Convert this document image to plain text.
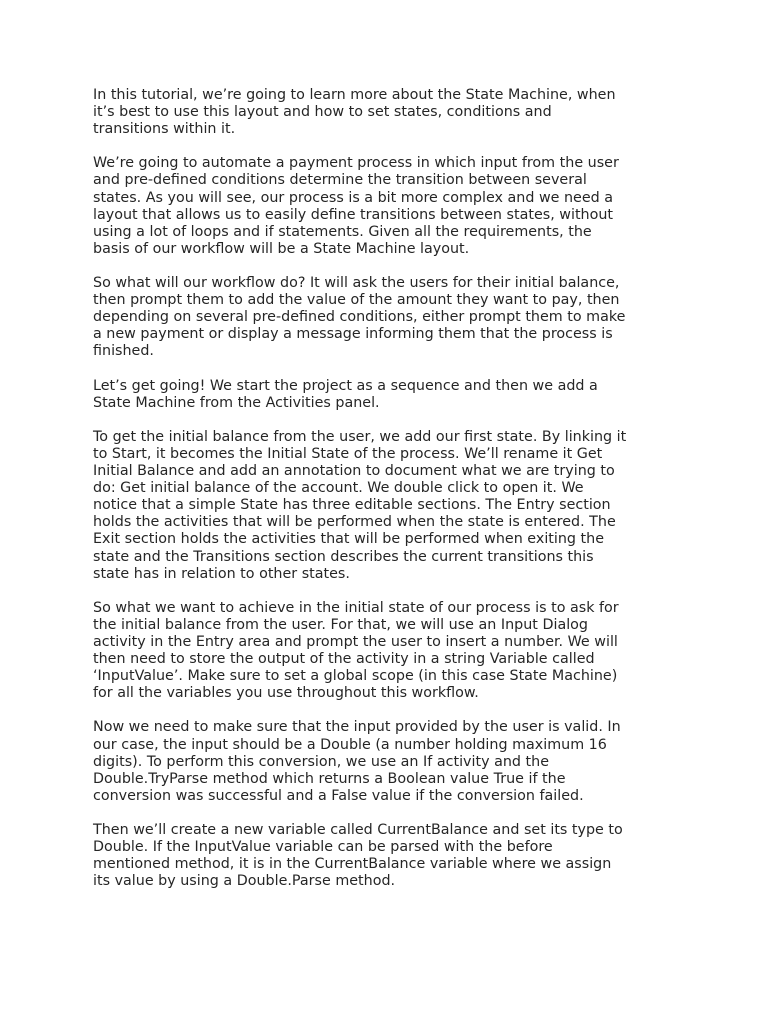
In this tutorial, we’re going to learn more about the State Machine, when
it’s best to use this layout and how to set states, conditions and
transitions within it.

We’re going to automate a payment process in which input from the user
and pre-defined conditions determine the transition between several
states. As you will see, our process is a bit more complex and we need a
layout that allows us to easily define transitions between states, without
using a lot of loops and if statements. Given all the requirements, the
basis of our workflow will be a State Machine layout.

So what will our workflow do? It will ask the users for their initial balance,
then prompt them to add the value of the amount they want to pay, then
depending on several pre-defined conditions, either prompt them to make
a new payment or display a message informing them that the process is
finished.

Let’s get going! We start the project as a sequence and then we add a
State Machine from the Activities panel.

To get the initial balance from the user, we add our first state. By linking it
to Start, it becomes the Initial State of the process. We’ll rename it Get
Initial Balance and add an annotation to document what we are trying to
do: Get initial balance of the account. We double click to open it. We
notice that a simple State has three editable sections. The Entry section
holds the activities that will be performed when the state is entered. The
Exit section holds the activities that will be performed when exiting the
state and the Transitions section describes the current transitions this
state has in relation to other states.

So what we want to achieve in the initial state of our process is to ask for
the initial balance from the user. For that, we will use an Input Dialog
activity in the Entry area and prompt the user to insert a number. We will
then need to store the output of the activity in a string Variable called
‘InputValue’. Make sure to set a global scope (in this case State Machine)
for all the variables you use throughout this workflow.

Now we need to make sure that the input provided by the user is valid. In
our case, the input should be a Double (a number holding maximum 16
digits). To perform this conversion, we use an If activity and the
Double.TryParse method which returns a Boolean value True if the
conversion was successful and a False value if the conversion failed.

Then we’ll create a new variable called CurrentBalance and set its type to
Double. If the InputValue variable can be parsed with the before
mentioned method, it is in the CurrentBalance variable where we assign
its value by using a Double.Parse method.
